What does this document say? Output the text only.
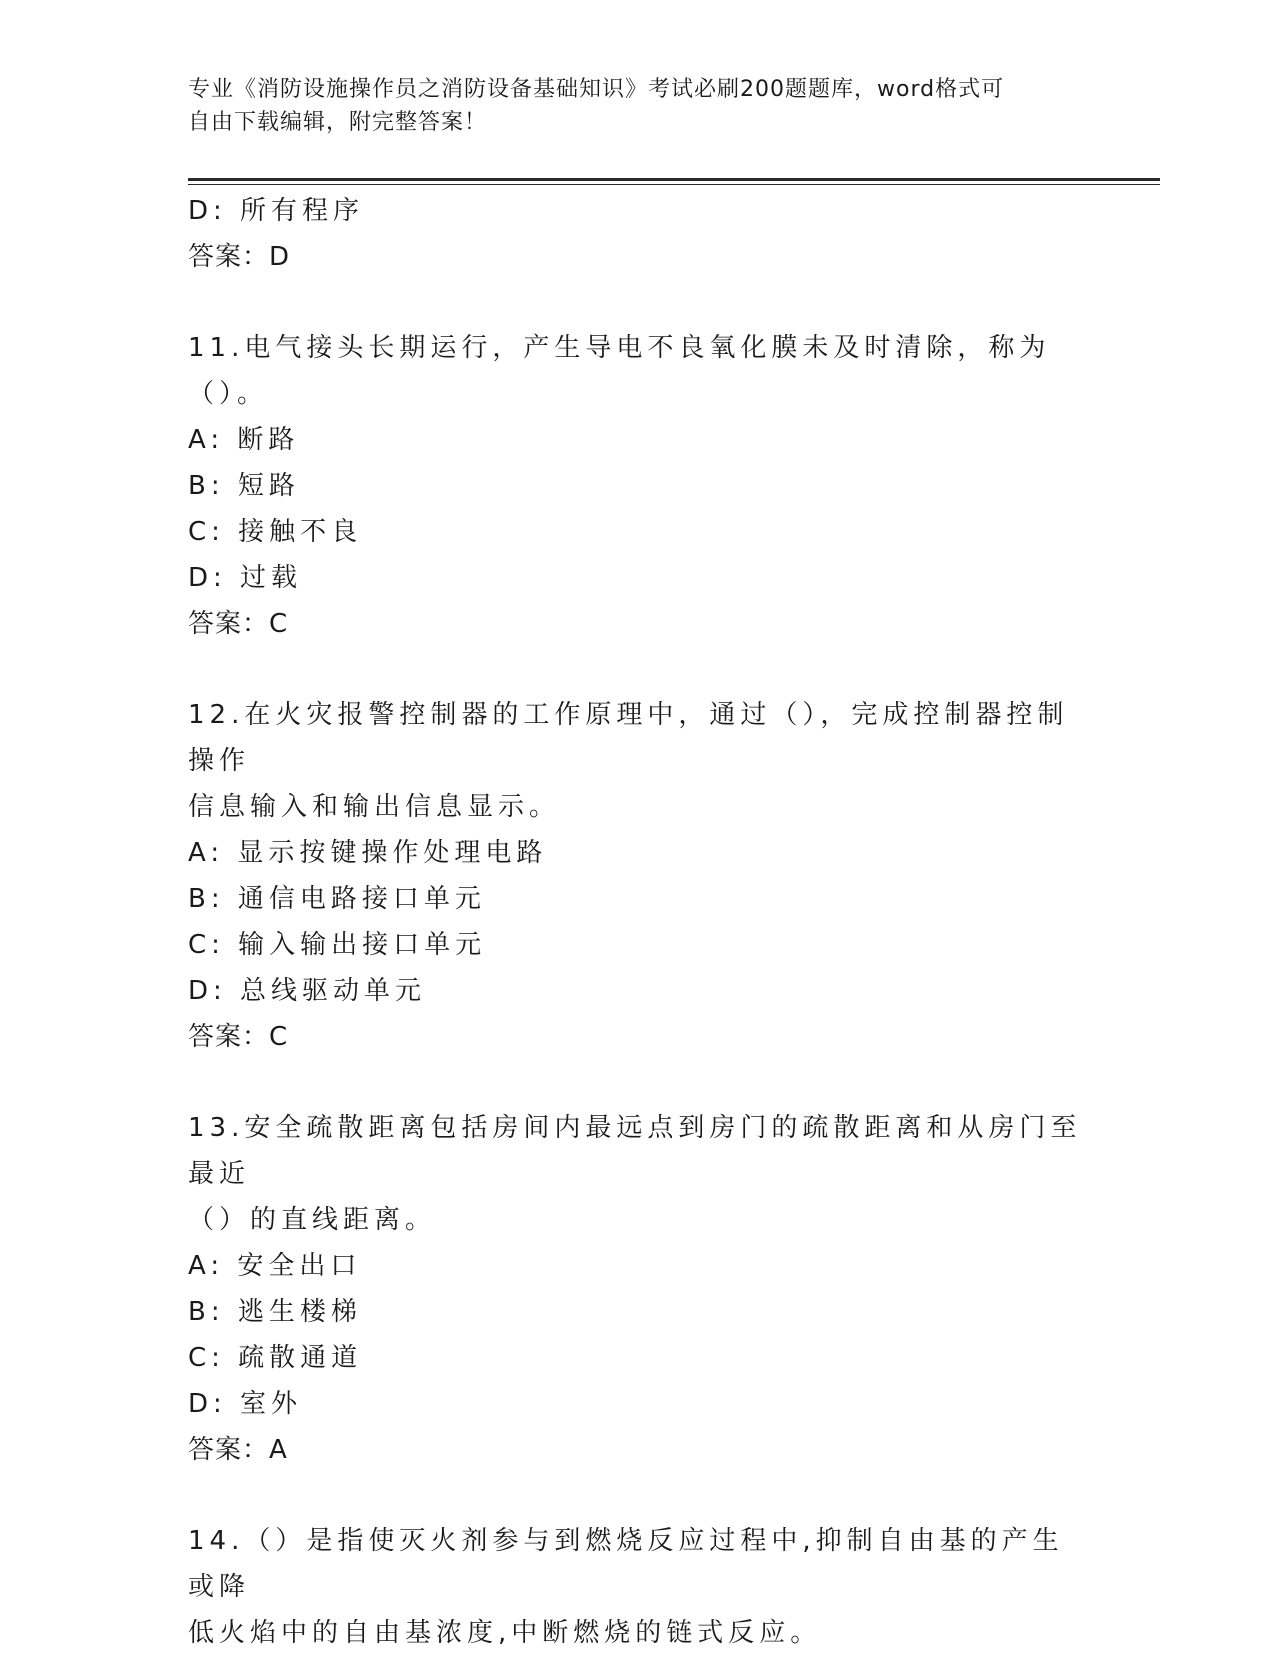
专业《消防设施操作员之消防设备基础知识》考试必刷200题题库，word格式可
自由下载编辑，附完整答案！
D: 所有程序
答案：D
11.电气接头长期运行，产生导电不良氧化膜未及时清除，称为（）。
A: 断路
B: 短路
C: 接触不良
D: 过载
答案：C
12.在火灾报警控制器的工作原理中，通过（），完成控制器控制操作
信息输入和输出信息显示。
A: 显示按键操作处理电路
B: 通信电路接口单元
C: 输入输出接口单元
D: 总线驱动单元
答案：C
13.安全疏散距离包括房间内最远点到房门的疏散距离和从房门至最近
（）的直线距离。
A: 安全出口
B: 逃生楼梯
C: 疏散通道
D: 室外
答案：A
14.（）是指使灭火剂参与到燃烧反应过程中,抑制自由基的产生或降
低火焰中的自由基浓度,中断燃烧的链式反应。
